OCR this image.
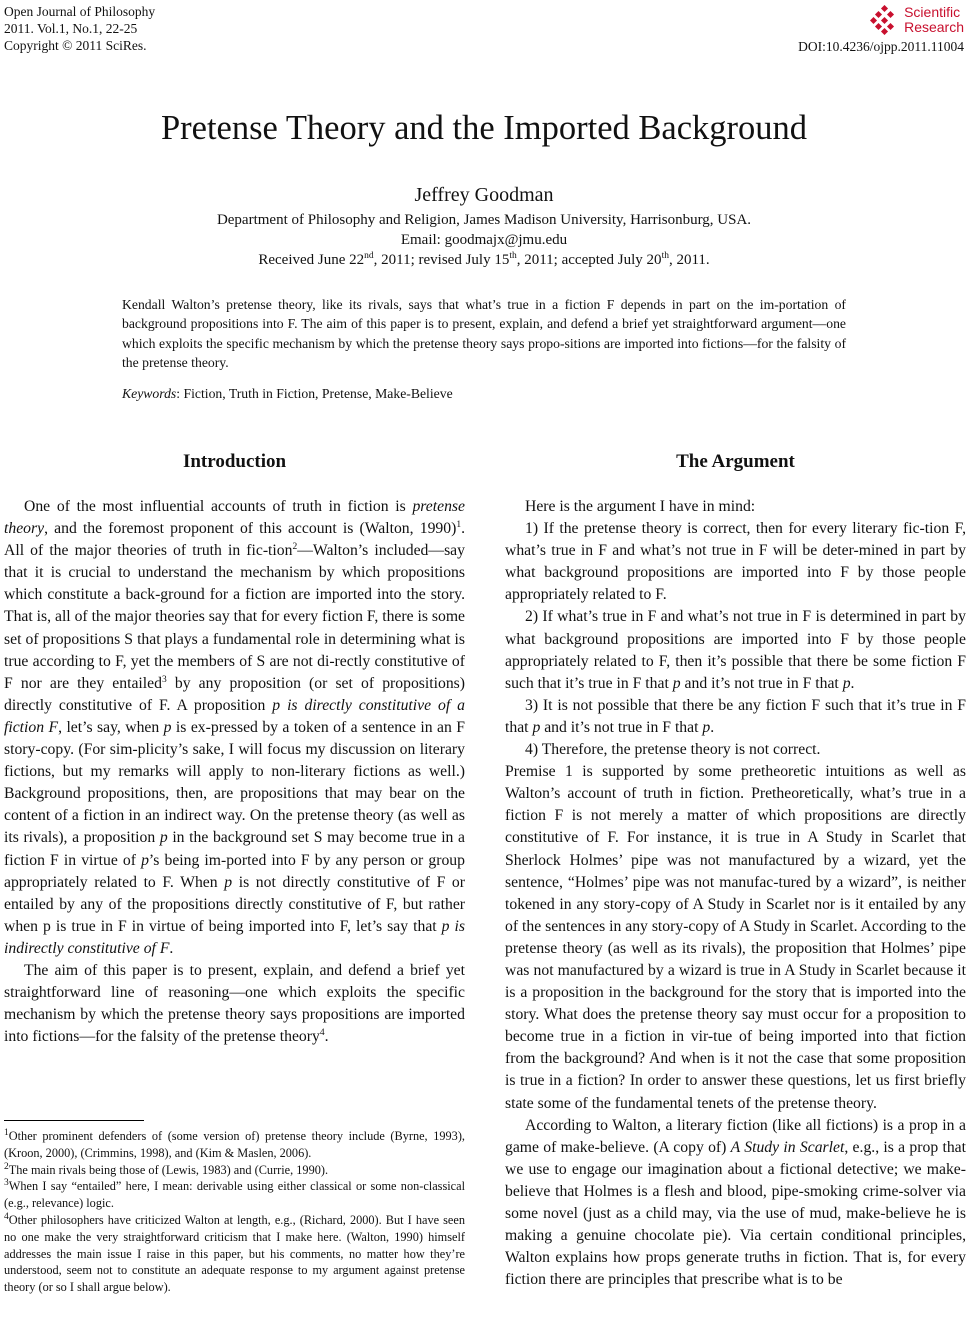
Open Journal of Philosophy
2011. Vol.1, No.1, 22-25
Copyright © 2011 SciRes.
Scientific
Research
DOI:10.4236/ojpp.2011.11004
Pretense Theory and the Imported Background
Jeffrey Goodman
Department of Philosophy and Religion, James Madison University, Harrisonburg, USA.
Email: goodmajx@jmu.edu
Received June 22nd, 2011; revised July 15th, 2011; accepted July 20th, 2011.
Kendall Walton’s pretense theory, like its rivals, says that what’s true in a fiction F depends in part on the im-portation of background propositions into F. The aim of this paper is to present, explain, and defend a brief yet straightforward argument—one which exploits the specific mechanism by which the pretense theory says propo-sitions are imported into fictions—for the falsity of the pretense theory.
Keywords: Fiction, Truth in Fiction, Pretense, Make-Believe
Introduction	The Argument

One of the most influential accounts of truth in fiction is pretense theory, and the foremost proponent of this account is (Walton, 1990)$^1$. All of the major theories of truth in fic-tion$^2$—Walton’s included—say that it is crucial to understand the mechanism by which propositions which constitute a back-ground for a fiction are imported into the story. That is, all of the major theories say that for every fiction F, there is some set of propositions S that plays a fundamental role in determining what is true according to F, yet the members of S are not di-rectly constitutive of F nor are they entailed$^3$ by any proposition (or set of propositions) directly constitutive of F. A proposition p is directly constitutive of a fiction F, let’s say, when p is ex-pressed by a token of a sentence in an F story-copy. (For sim-plicity’s sake, I will focus my discussion on literary fictions, but my remarks will apply to non-literary fictions as well.) Background propositions, then, are propositions that may bear on the content of a fiction in an indirect way. On the pretense theory (as well as its rivals), a proposition p in the background set S may become true in a fiction F in virtue of p’s being im-ported into F by any person or group appropriately related to F. When p is not directly constitutive of F or entailed by any of the propositions directly constitutive of F, but rather when p is true in F in virtue of being imported into F, let’s say that p is indirectly constitutive of F.

The aim of this paper is to present, explain, and defend a brief yet straightforward line of reasoning—one which exploits the specific mechanism by which the pretense theory says propositions are imported into fictions—for the falsity of the pretense theory$^4$.

$^1$Other prominent defenders of (some version of) pretense theory include (Byrne, 1993), (Kroon, 2000), (Crimmins, 1998), and (Kim & Maslen, 2006).
$^2$The main rivals being those of (Lewis, 1983) and (Currie, 1990).
$^3$When I say “entailed” here, I mean: derivable using either classical or some non-classical (e.g., relevance) logic.
$^4$Other philosophers have criticized Walton at length, e.g., (Richard, 2000). But I have seen no one make the very straightforward criticism that I make here. (Walton, 1990) himself addresses the main issue I raise in this paper, but his comments, no matter how they’re understood, seem not to constitute an adequate response to my argument against pretense theory (or so I shall argue below).

Here is the argument I have in mind:

1) If the pretense theory is correct, then for every literary fic-tion F, what’s true in F and what’s not true in F will be deter-mined in part by what background propositions are imported into F by those people appropriately related to F.

2) If what’s true in F and what’s not true in F is determined in part by what background propositions are imported into F by those people appropriately related to F, then it’s possible that there be some fiction F such that it’s true in F that p and it’s not true in F that p.

3) It is not possible that there be any fiction F such that it’s true in F that p and it’s not true in F that p.

4) Therefore, the pretense theory is not correct.

Premise 1 is supported by some pretheoretic intuitions as well as Walton’s account of truth in fiction. Pretheoretically, what’s true in a fiction F is not merely a matter of which propositions are directly constitutive of F. For instance, it is true in A Study in Scarlet that Sherlock Holmes’ pipe was not manufactured by a wizard, yet the sentence, “Holmes’ pipe was not manufac-tured by a wizard”, is neither tokened in any story-copy of A Study in Scarlet nor is it entailed by any of the sentences in any story-copy of A Study in Scarlet. According to the pretense theory (as well as its rivals), the proposition that Holmes’ pipe was not manufactured by a wizard is true in A Study in Scarlet because it is a proposition in the background for the story that is imported into the story. What does the pretense theory say must occur for a proposition to become true in a fiction in vir-tue of being imported into that fiction from the background? And when is it not the case that some proposition is true in a fiction? In order to answer these questions, let us first briefly state some of the fundamental tenets of the pretense theory.

According to Walton, a literary fiction (like all fictions) is a prop in a game of make-believe. (A copy of) A Study in Scarlet, e.g., is a prop that we use to engage our imagination about a fictional detective; we make-believe that Holmes is a flesh and blood, pipe-smoking crime-solver via some novel (just as a child may, via the use of mud, make-believe he is making a genuine chocolate pie). Via certain conditional principles, Walton explains how props generate truths in fiction. That is, for every fiction there are principles that prescribe what is to be
